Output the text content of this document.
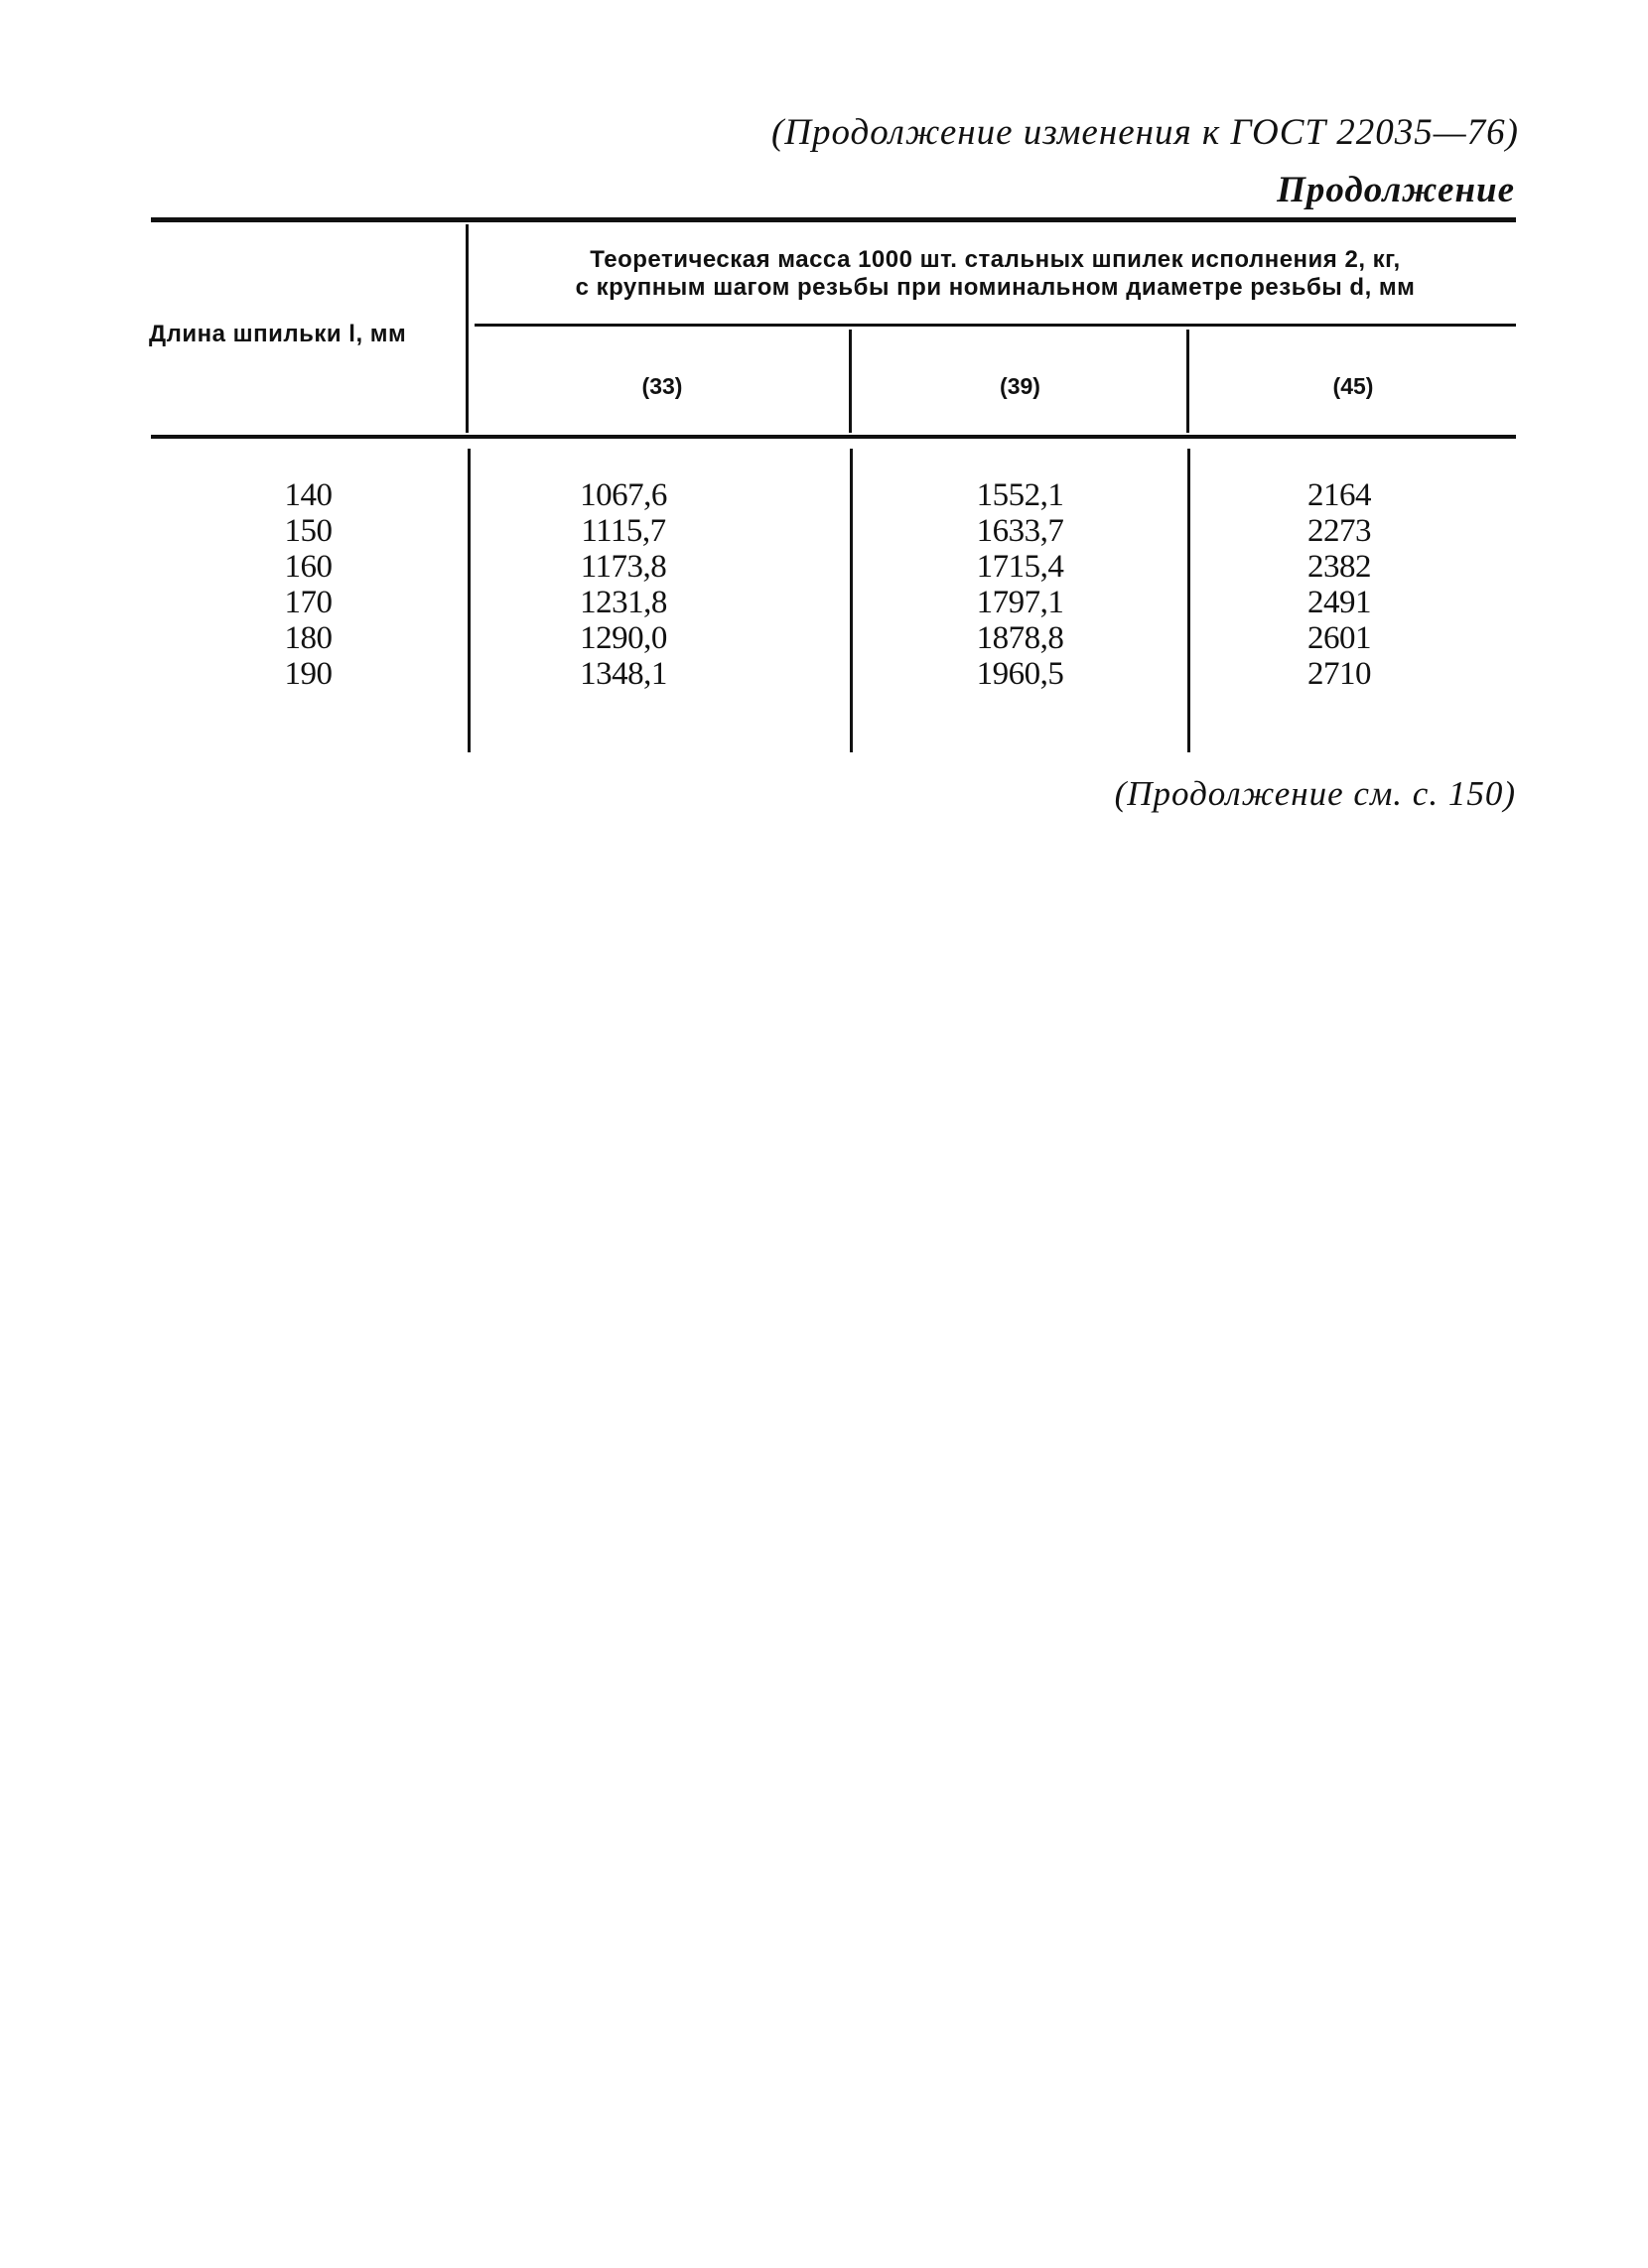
(Продолжение изменения к ГОСТ 22035—76)
Продолжение
Длина шпильки l, мм
Теоретическая масса 1000 шт. стальных шпилек исполнения 2, кг,
с крупным шагом резьбы при номинальном диаметре резьбы d, мм
(33)	(39)	(45)
140
150
160
170
180
190
1067,6
1115,7
1173,8
1231,8
1290,0
1348,1
1552,1
1633,7
1715,4
1797,1
1878,8
1960,5
2164
2273
2382
2491
2601
2710
(Продолжение см. с. 150)
